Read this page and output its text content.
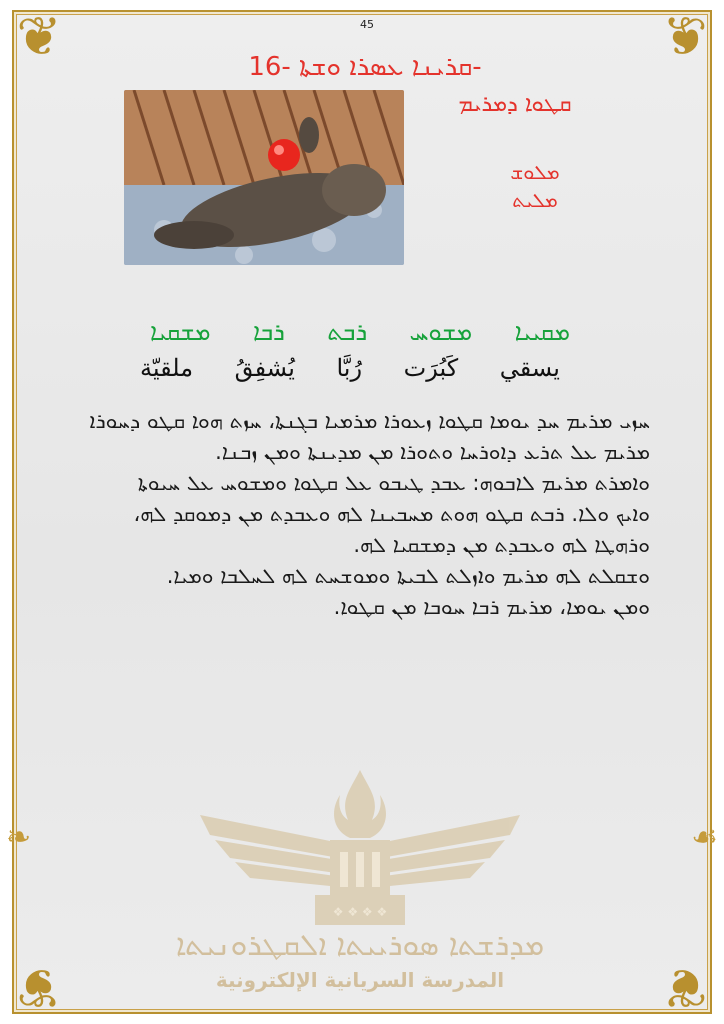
❦	❦
❦	❦
❧	☙
45
ܩܪܝܢܐ ܥܣܪܐ ܘܫܬܐ -16-
ܩܛܘܐ ܕܡܪܝܡ
ܡܠܘܫ
ܡܠܝܬ
ܡܫܩܝܐ ܪܒܐ ܪܒܬ ܡܫܘܚ ܡܩܝܝܐ
ملقيّة يُشفِقُ رُبَّا كَبُرَت يسقي

ܚܙܝ ܡܪܝܡ ܚܕ ܝܘܡܐ ܩܛܘܐ ܙܥܘܪܐ ܡܪܡܝܐ ܒܓܢܬܐ، ܚܙܬ ܗܘܐ ܩܛܘ ܕܚܘܪܐ

ܡܪܝܡ ܥܠ ܬܪܥ ܕܐܘܪܚܐ ܘܬܘܪܐ ܡܢ ܡܕܝܢܬܐ ܘܡܢ ܙܒܢܐ.

ܘܐܡܪܬ ܡܪܝܡ ܠܐܒܘܗ: ܥܒܕ ܛܝܒܘ ܥܠ ܩܛܘܐ ܘܡܫܘܚ ܥܠ ܚܝܘܬܐ

ܘܐܝܟ ܘܠܐ. ܪܒܬ ܩܛܘ ܗܘܬ ܡܚܒܝܢܐ ܠܗ ܘܥܒܕܬ ܡܢ ܕܡܘܩܕ ܠܗ،

ܘܪܗܛܐ ܠܗ ܘܥܒܕܬ ܡܢ ܕܡܫܩܝܐ ܠܗ.

ܘܫܩܠܬ ܠܗ ܡܪܝܡ ܘܐܙܠܬ ܠܒܝܬܐ ܘܡܘܫܚܬ ܠܗ ܠܚܠܒܐ ܘܡܝܐ.

ܘܡܢ ܝܘܡܐ، ܡܪܝܡ ܪܒܐ ܚܘܒܐ ܡܢ ܩܛܘܐ.

❖ ❖ ❖ ❖
ܡܕܪܫܬܐ ܣܘܪܝܝܬܐ ܐܠܩܛܪܘܢܝܬܐ
المدرسة السريانية الإلكترونية
